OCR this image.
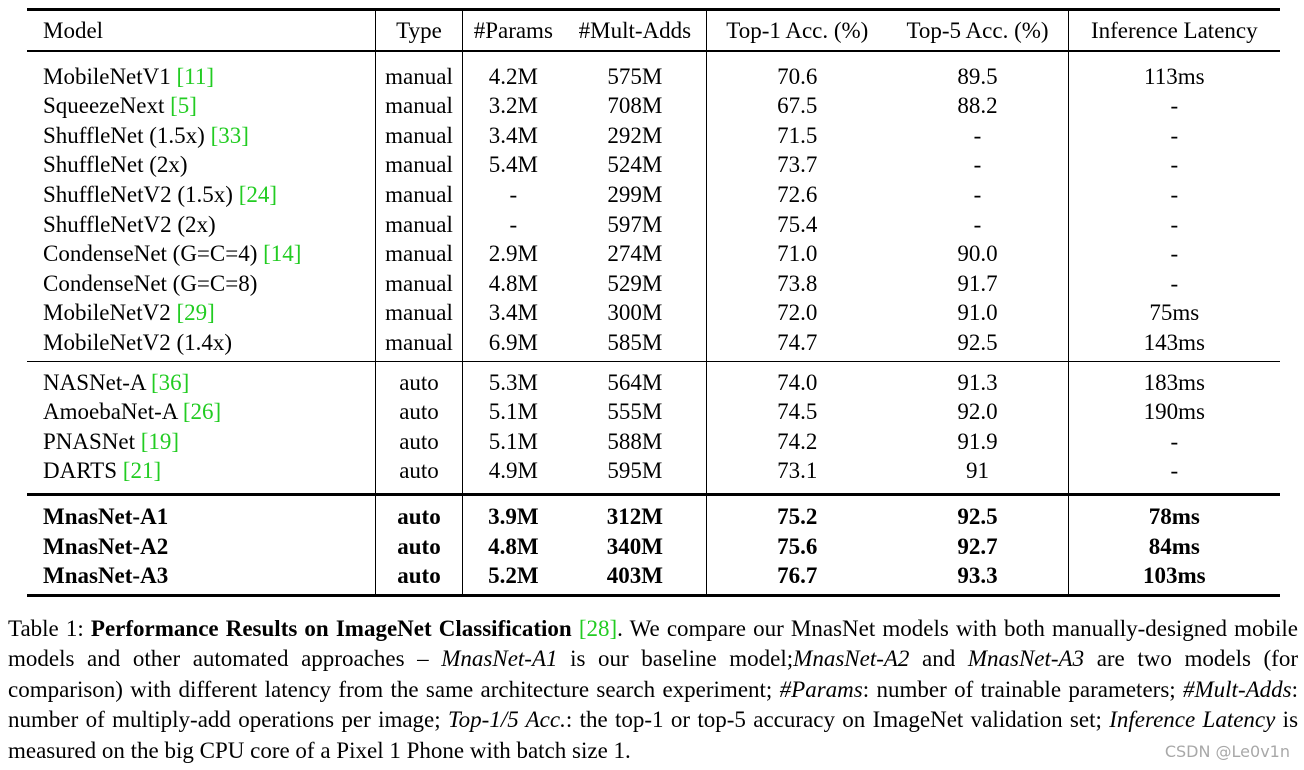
Model	Type	#Params	#Mult-Adds	Top-1 Acc. (%)	Top-5 Acc. (%)	Inference Latency
MobileNetV1 [11]	manual	4.2M	575M	70.6	89.5	113ms
SqueezeNext [5]	manual	3.2M	708M	67.5	88.2	-
ShuffleNet (1.5x) [33]	manual	3.4M	292M	71.5	-	-
ShuffleNet (2x)	manual	5.4M	524M	73.7	-	-
ShuffleNetV2 (1.5x) [24]	manual	-	299M	72.6	-	-
ShuffleNetV2 (2x)	manual	-	597M	75.4	-	-
CondenseNet (G=C=4) [14]	manual	2.9M	274M	71.0	90.0	-
CondenseNet (G=C=8)	manual	4.8M	529M	73.8	91.7	-
MobileNetV2 [29]	manual	3.4M	300M	72.0	91.0	75ms
MobileNetV2 (1.4x)	manual	6.9M	585M	74.7	92.5	143ms
NASNet-A [36]	auto	5.3M	564M	74.0	91.3	183ms
AmoebaNet-A [26]	auto	5.1M	555M	74.5	92.0	190ms
PNASNet [19]	auto	5.1M	588M	74.2	91.9	-
DARTS [21]	auto	4.9M	595M	73.1	91	-
MnasNet-A1	auto	3.9M	312M	75.2	92.5	78ms
MnasNet-A2	auto	4.8M	340M	75.6	92.7	84ms
MnasNet-A3	auto	5.2M	403M	76.7	93.3	103ms
Table 1: Performance Results on ImageNet Classification [28]. We compare our MnasNet models with both manually-designed mobile models and other automated approaches – MnasNet-A1 is our baseline model;MnasNet-A2 and MnasNet-A3 are two models (for comparison) with different latency from the same architecture search experiment; #Params: number of trainable parameters; #Mult-Adds: number of multiply-add operations per image; Top-1/5 Acc.: the top-1 or top-5 accuracy on ImageNet validation set; Inference Latency is measured on the big CPU core of a Pixel 1 Phone with batch size 1.	CSDN @Le0v1n
